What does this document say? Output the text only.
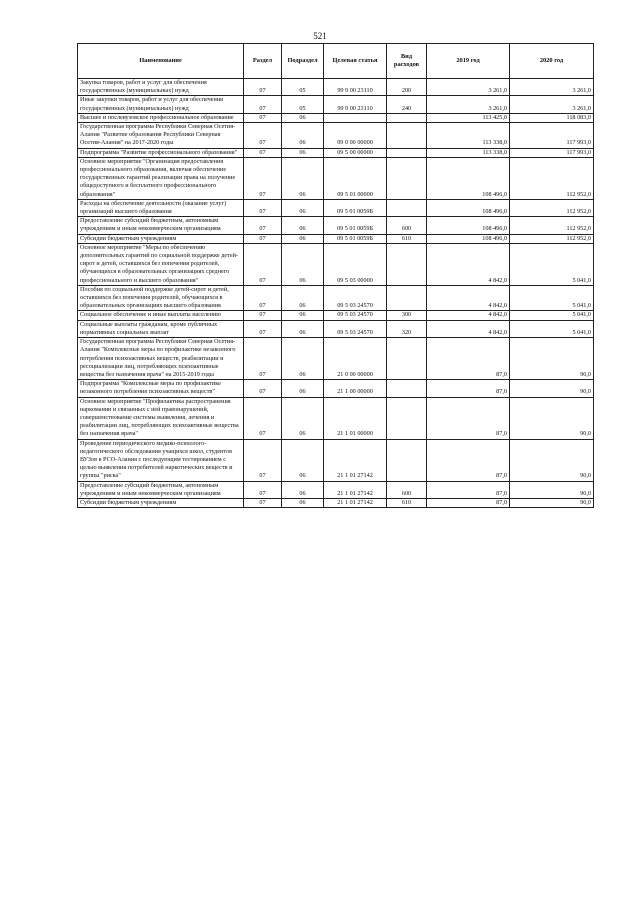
521
Наименование	Раздел	Подраздел	Целевая статья	Вид расходов	2019 год	2020 год
Закупка товаров, работ и услуг для обеспечения государственных (муниципальных) нужд	07	05	99 9 00 23110	200	3 261,0	3 261,0
Иные закупки товаров, работ и услуг для обеспечения государственных (муниципальных) нужд	07	05	99 9 00 23110	240	3 261,0	3 261,0
Высшее и послевузовское профессиональное образование	07	06			113 425,0	118 083,0
Государственная программа Республики Северная Осетия-Алания "Развитие образования Республики Северная Осетия-Алания" на 2017-2020 годы	07	06	09 0 00 00000		113 338,0	117 993,0
Подпрограмма "Развитие профессионального образования"	07	06	09 5 00 00000		113 338,0	117 993,0
Основное мероприятие "Организация предоставления профессионального образования, включая обеспечение государственных гарантий реализации права на получение общедоступного и бесплатного профессионального образования"	07	06	09 5 01 00000		108 496,0	112 952,0
Расходы на обеспечение деятельности (оказание услуг) организаций высшего образования	07	06	09 5 01 0059Б		108 496,0	112 952,0
Предоставление субсидий бюджетным, автономным учреждениям и иным некоммерческим организациям	07	06	09 5 01 0059Б	600	108 496,0	112 952,0
Субсидии бюджетным учреждениям	07	06	09 5 01 0059Б	610	108 496,0	112 952,0
Основное мероприятие "Меры по обеспечению дополнительных гарантий по социальной поддержке детей-сирот и детей, оставшихся без попечения родителей, обучающихся в образовательных организациях среднего профессионального и высшего образования"	07	06	09 5 03 00000		4 842,0	5 041,0
Пособия по социальной поддержке детей-сирот и детей, оставшихся без попечения родителей, обучающихся в образовательных организациях высшего образования	07	06	09 5 03 24570		4 842,0	5 041,0
Социальное обеспечение и иные выплаты населению	07	06	09 5 03 24570	300	4 842,0	5 041,0
Социальные выплаты гражданам, кроме публичных нормативных социальных выплат	07	06	09 5 03 24570	320	4 842,0	5 041,0
Государственная программа Республики Северная Осетия-Алания "Комплексные меры по профилактике незаконного потребления психоактивных веществ, реабилитации и ресоциализации лиц, потребляющих психоактивные вещества без назначения врача" на 2015-2019 годы	07	06	21 0 00 00000		87,0	90,0
Подпрограмма "Комплексные меры по профилактике незаконного потребления психоактивных веществ"	07	06	21 1 00 00000		87,0	90,0
Основное мероприятие "Профилактика распространения наркомании и связанных с ней правонарушений, совершенствование системы выявления, лечения и реабилитации лиц, потребляющих психоактивные вещества без назначения врача"	07	06	21 1 01 00000		87,0	90,0
Проведение периодического медико-психолого-педагогического обследования учащихся школ, студентов ВУЗов в РСО-Алания с последующим тестированием с целью выявления потребителей наркотических веществ и группы "риска"	07	06	21 1 01 27142		87,0	90,0
Предоставление субсидий бюджетным, автономным учреждениям и иным некоммерческим организациям	07	06	21 1 01 27142	600	87,0	90,0
Субсидии бюджетным учреждениям	07	06	21 1 01 27142	610	87,0	90,0
